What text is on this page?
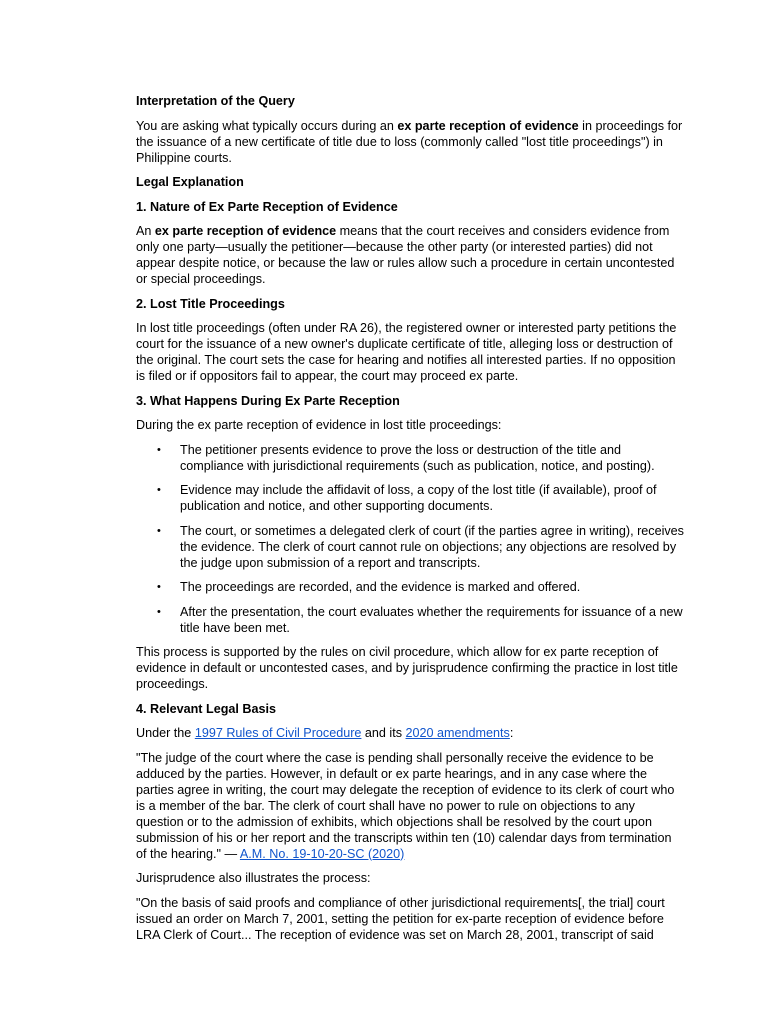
Interpretation of the Query

You are asking what typically occurs during an ex parte reception of evidence in proceedings for the issuance of a new certificate of title due to loss (commonly called "lost title proceedings") in Philippine courts.

Legal Explanation
1. Nature of Ex Parte Reception of Evidence

An ex parte reception of evidence means that the court receives and considers evidence from only one party—usually the petitioner—because the other party (or interested parties) did not appear despite notice, or because the law or rules allow such a procedure in certain uncontested or special proceedings.

2. Lost Title Proceedings

In lost title proceedings (often under RA 26), the registered owner or interested party petitions the court for the issuance of a new owner's duplicate certificate of title, alleging loss or destruction of the original. The court sets the case for hearing and notifies all interested parties. If no opposition is filed or if oppositors fail to appear, the court may proceed ex parte.

3. What Happens During Ex Parte Reception

During the ex parte reception of evidence in lost title proceedings:

• The petitioner presents evidence to prove the loss or destruction of the title and compliance with jurisdictional requirements (such as publication, notice, and posting).
• Evidence may include the affidavit of loss, a copy of the lost title (if available), proof of publication and notice, and other supporting documents.
• The court, or sometimes a delegated clerk of court (if the parties agree in writing), receives the evidence. The clerk of court cannot rule on objections; any objections are resolved by the judge upon submission of a report and transcripts.
• The proceedings are recorded, and the evidence is marked and offered.
• After the presentation, the court evaluates whether the requirements for issuance of a new title have been met.

This process is supported by the rules on civil procedure, which allow for ex parte reception of evidence in default or uncontested cases, and by jurisprudence confirming the practice in lost title proceedings.

4. Relevant Legal Basis

Under the 1997 Rules of Civil Procedure and its 2020 amendments:

"The judge of the court where the case is pending shall personally receive the evidence to be adduced by the parties. However, in default or ex parte hearings, and in any case where the parties agree in writing, the court may delegate the reception of evidence to its clerk of court who is a member of the bar. The clerk of court shall have no power to rule on objections to any question or to the admission of exhibits, which objections shall be resolved by the court upon submission of his or her report and the transcripts within ten (10) calendar days from termination of the hearing." — A.M. No. 19-10-20-SC (2020)

Jurisprudence also illustrates the process:

"On the basis of said proofs and compliance of other jurisdictional requirements[, the trial] court issued an order on March 7, 2001, setting the petition for ex-parte reception of evidence before LRA Clerk of Court... The reception of evidence was set on March 28, 2001, transcript of said
